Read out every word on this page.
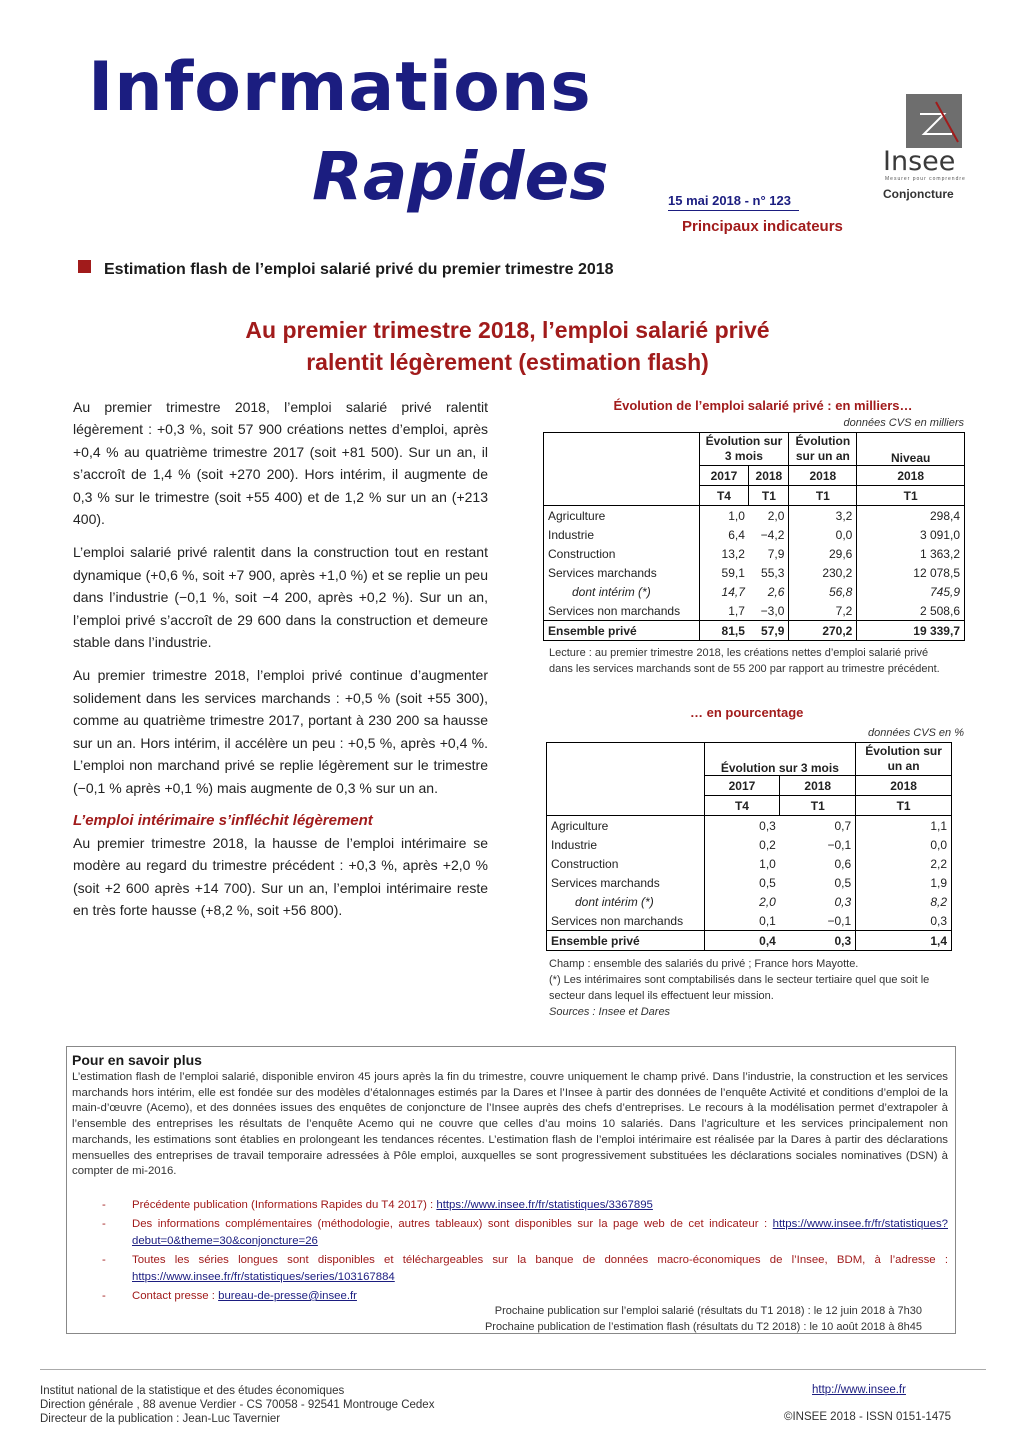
Informations
Rapides	15 mai 2018 - n° 123
Principaux indicateurs
Insee
Mesurer pour comprendre
Conjoncture
Estimation flash de l’emploi salarié privé du premier trimestre 2018
Au premier trimestre 2018, l’emploi salarié privé
ralentit légèrement (estimation flash)

Au premier trimestre 2018, l’emploi salarié privé ralentit légèrement : +0,3 %, soit 57 900 créations nettes d’emploi, après +0,4 % au quatrième trimestre 2017 (soit +81 500). Sur un an, il s’accroît de 1,4 % (soit +270 200). Hors intérim, il augmente de 0,3 % sur le trimestre (soit +55 400) et de 1,2 % sur un an (+213 400).

L’emploi salarié privé ralentit dans la construction tout en restant dynamique (+0,6 %, soit +7 900, après +1,0 %) et se replie un peu dans l’industrie (−0,1 %, soit −4 200, après +0,2 %). Sur un an, l’emploi privé s’accroît de 29 600 dans la construction et demeure stable dans l’industrie.

Au premier trimestre 2018, l’emploi privé continue d’augmenter solidement dans les services marchands : +0,5 % (soit +55 300), comme au quatrième trimestre 2017, portant à 230 200 sa hausse sur un an. Hors intérim, il accélère un peu : +0,5 %, après +0,4 %. L’emploi non marchand privé se replie légèrement sur le trimestre (−0,1 % après +0,1 %) mais augmente de 0,3 % sur un an.

L’emploi intérimaire s’infléchit légèrement

Au premier trimestre 2018, la hausse de l’emploi intérimaire se modère au regard du trimestre précédent : +0,3 %, après +2,0 % (soit +2 600 après +14 700). Sur un an, l’emploi intérimaire reste en très forte hausse (+8,2 %, soit +56 800).

Évolution de l’emploi salarié privé : en milliers…
données CVS en milliers
	Évolution sur 3 mois		Évolution sur un an	Niveau
	2017	2018	2018	2018
	T4	T1	T1	T1
Agriculture	1,0	2,0	3,2	298,4
Industrie	6,4	−4,2	0,0	3 091,0
Construction	13,2	7,9	29,6	1 363,2
Services marchands	59,1	55,3	230,2	12 078,5
dont intérim (*)	14,7	2,6	56,8	745,9
Services non marchands	1,7	−3,0	7,2	2 508,6
Ensemble privé	81,5	57,9	270,2	19 339,7
Lecture : au premier trimestre 2018, les créations nettes d’emploi salarié privé dans les services marchands sont de 55 200 par rapport au trimestre précédent.
… en pourcentage
données CVS en %
	Évolution sur 3 mois		Évolution sur un an
	2017	2018	2018
	T4	T1	T1
Agriculture	0,3	0,7	1,1
Industrie	0,2	−0,1	0,0
Construction	1,0	0,6	2,2
Services marchands	0,5	0,5	1,9
dont intérim (*)	2,0	0,3	8,2
Services non marchands	0,1	−0,1	0,3
Ensemble privé	0,4	0,3	1,4
Champ : ensemble des salariés du privé ; France hors Mayotte.
(*) Les intérimaires sont comptabilisés dans le secteur tertiaire quel que soit le secteur dans lequel ils effectuent leur mission.
Sources : Insee et Dares
Pour en savoir plus
L’estimation flash de l’emploi salarié, disponible environ 45 jours après la fin du trimestre, couvre uniquement le champ privé. Dans l’industrie, la construction et les services marchands hors intérim, elle est fondée sur des modèles d’étalonnages estimés par la Dares et l’Insee à partir des données de l’enquête Activité et conditions d’emploi de la main-d’œuvre (Acemo), et des données issues des enquêtes de conjoncture de l’Insee auprès des chefs d’entreprises. Le recours à la modélisation permet d’extrapoler à l’ensemble des entreprises les résultats de l’enquête Acemo qui ne couvre que celles d’au moins 10 salariés. Dans l’agriculture et les services principalement non marchands, les estimations sont établies en prolongeant les tendances récentes. L’estimation flash de l’emploi intérimaire est réalisée par la Dares à partir des déclarations mensuelles des entreprises de travail temporaire adressées à Pôle emploi, auxquelles se sont progressivement substituées les déclarations sociales nominatives (DSN) à compter de mi-2016.
- Précédente publication (Informations Rapides du T4 2017) : https://www.insee.fr/fr/statistiques/3367895
- Des informations complémentaires (méthodologie, autres tableaux) sont disponibles sur la page web de cet indicateur : https://www.insee.fr/fr/statistiques?debut=0&theme=30&conjoncture=26
- Toutes les séries longues sont disponibles et téléchargeables sur la banque de données macro-économiques de l’Insee, BDM, à l’adresse : https://www.insee.fr/fr/statistiques/series/103167884
- Contact presse : bureau-de-presse@insee.fr
Prochaine publication sur l’emploi salarié (résultats du T1 2018) : le 12 juin 2018 à 7h30
Prochaine publication de l’estimation flash (résultats du T2 2018) : le 10 août 2018 à 8h45
Institut national de la statistique et des études économiques
Direction générale , 88 avenue Verdier - CS 70058 - 92541 Montrouge Cedex
Directeur de la publication : Jean-Luc Tavernier
http://www.insee.fr
©INSEE 2018 - ISSN 0151-1475
